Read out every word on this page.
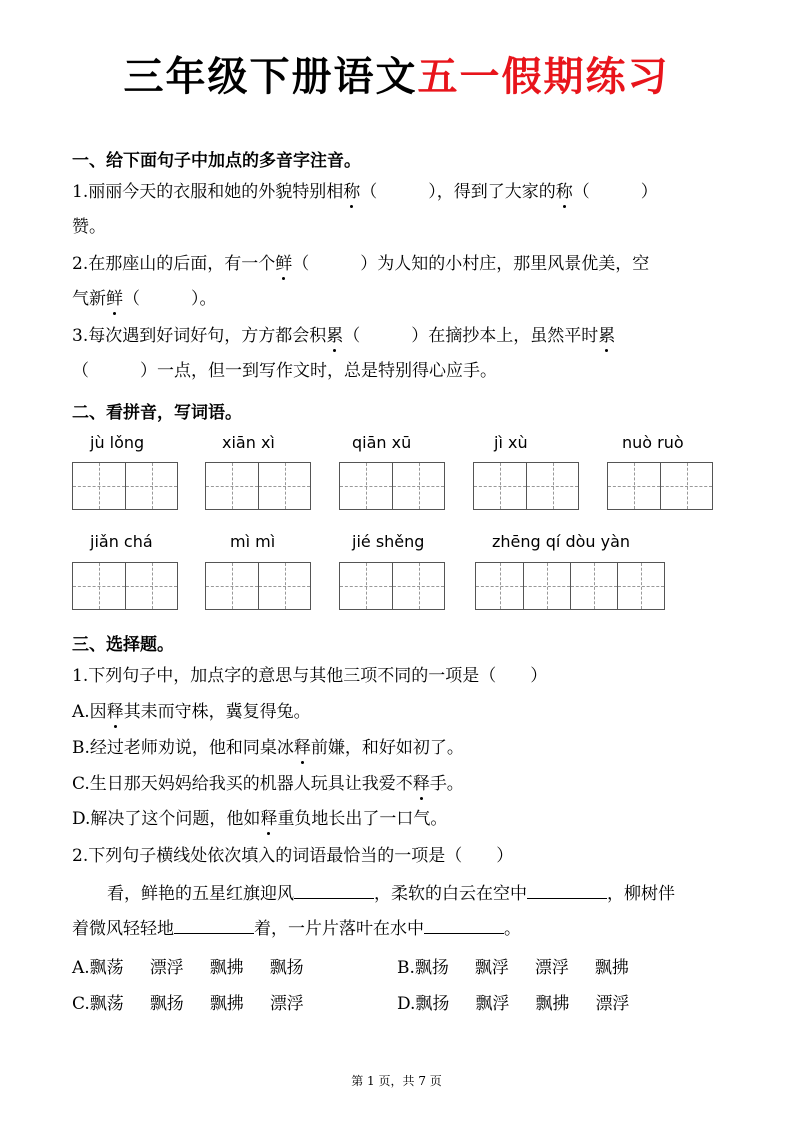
三年级下册语文五一假期练习
一、给下面句子中加点的多音字注音。
1.丽丽今天的衣服和她的外貌特别相称（　　　），得到了大家的称（　　　）
赞。
2.在那座山的后面，有一个鲜（　　　）为人知的小村庄，那里风景优美，空
气新鲜（　　　）。
3.每次遇到好词好句，方方都会积累（　　　）在摘抄本上，虽然平时累
（　　　）一点，但一到写作文时，总是特别得心应手。
二、看拼音，写词语。
jù lǒng	xiān xì	qiān xū	jì xù	nuò ruò
jiǎn chá	mì mì	jié shěng	zhēng qí dòu yàn
三、选择题。
1.下列句子中，加点字的意思与其他三项不同的一项是（　　）
A.因释其耒而守株，冀复得兔。
B.经过老师劝说，他和同桌冰释前嫌，和好如初了。
C.生日那天妈妈给我买的机器人玩具让我爱不释手。
D.解决了这个问题，他如释重负地长出了一口气。
2.下列句子横线处依次填入的词语最恰当的一项是（　　）
看，鲜艳的五星红旗迎风	，柔软的白云在空中	，柳树伴
着微风轻轻地	着，一片片落叶在水中	。
A.飘荡 漂浮 飘拂 飘扬	B.飘扬 飘浮 漂浮 飘拂
C.飘荡 飘扬 飘拂 漂浮	D.飘扬 飘浮 飘拂 漂浮
第 1 页，共 7 页
